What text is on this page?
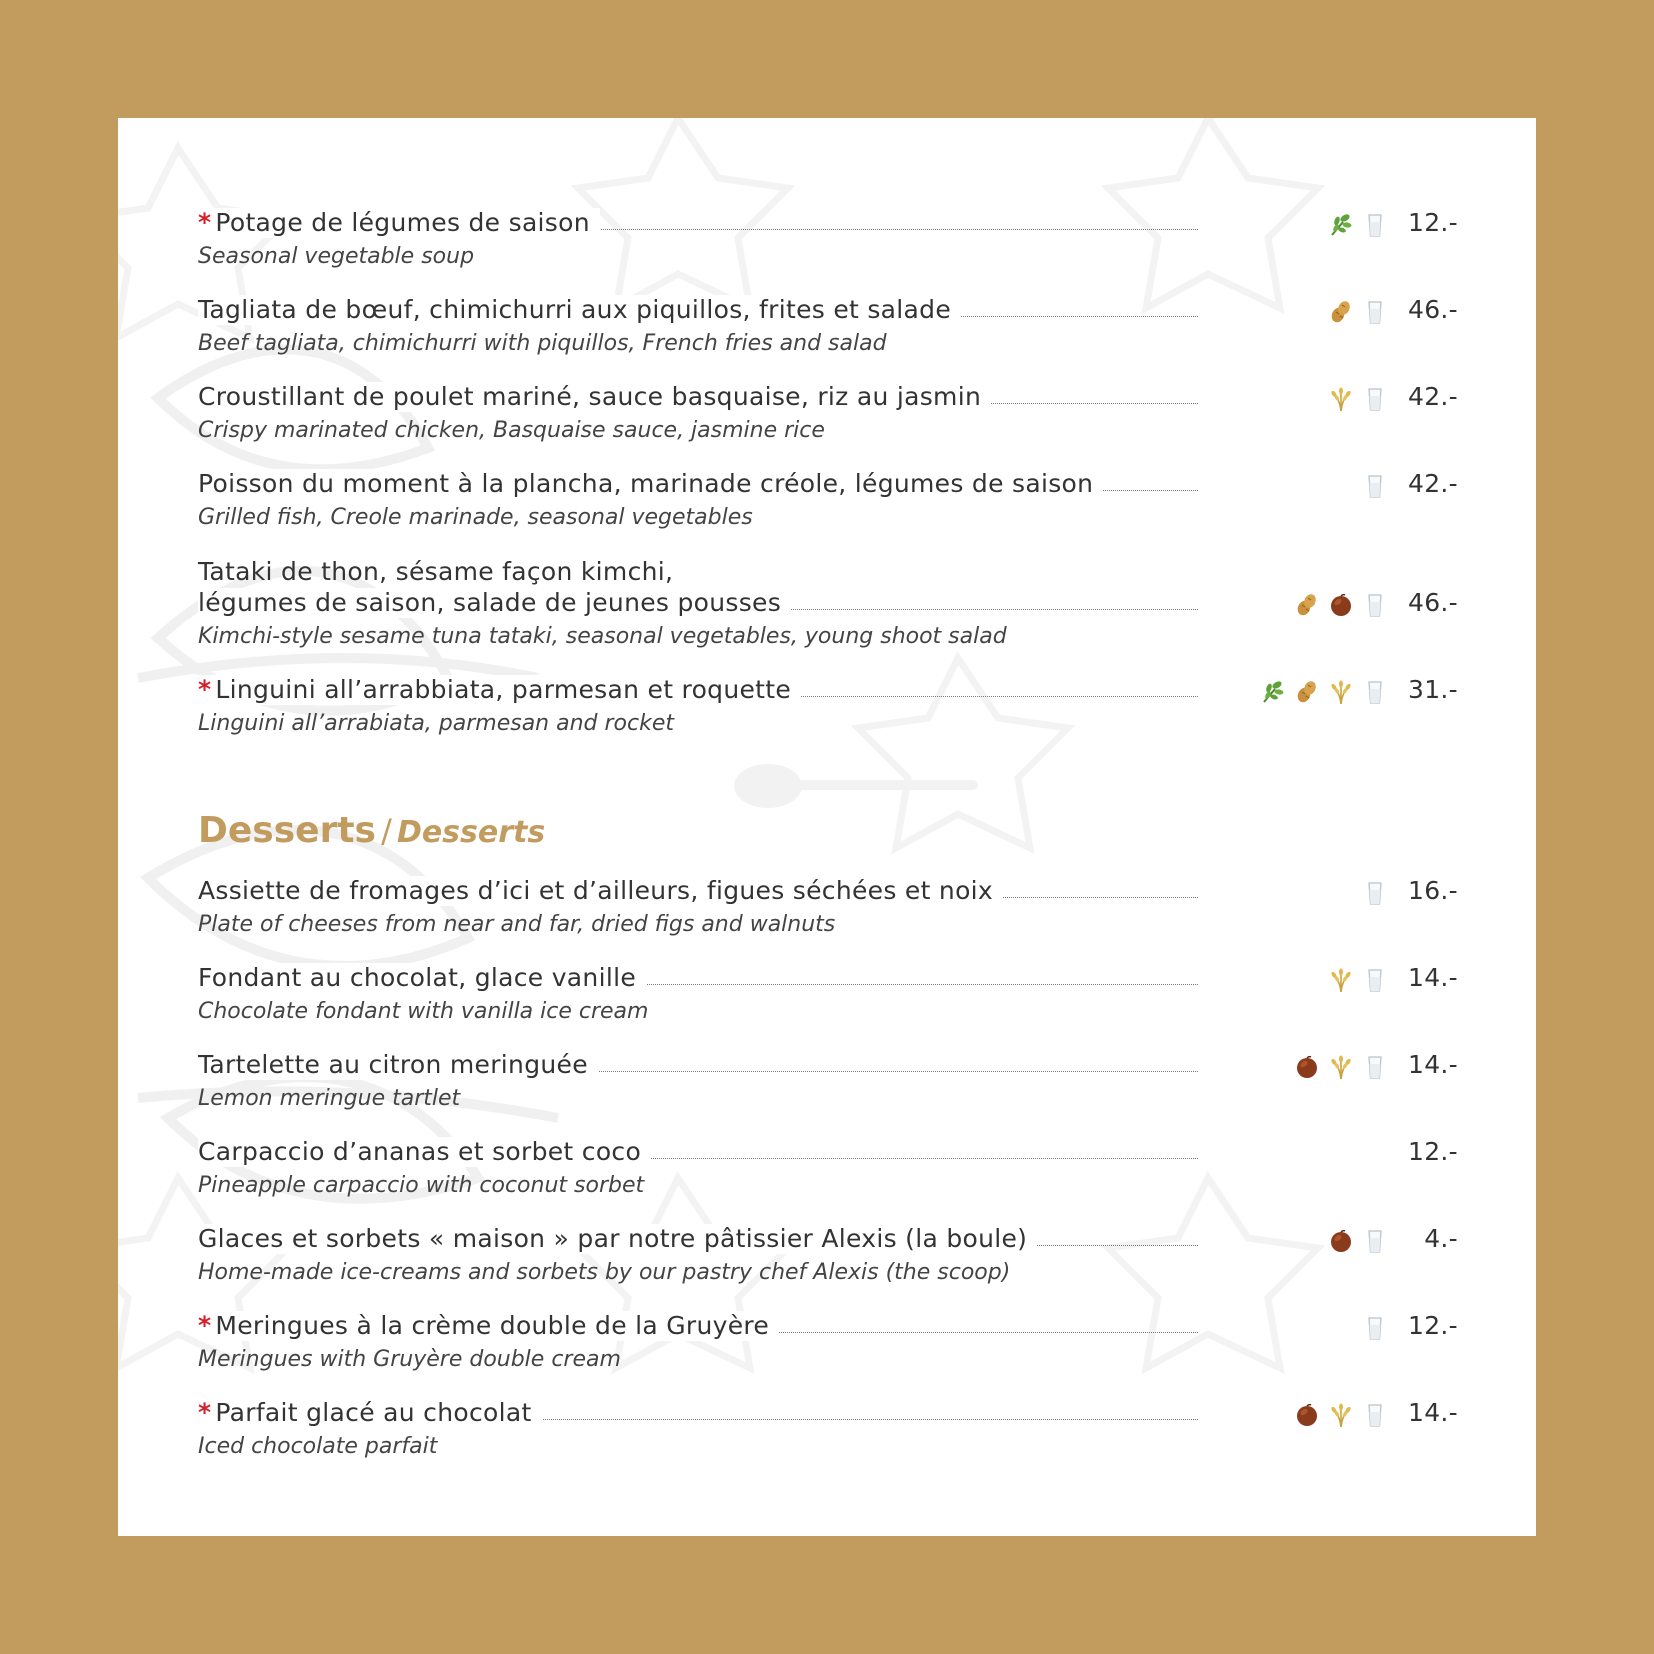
* Potage de légumes de saison	12.-
Seasonal vegetable soup
Tagliata de bœuf, chimichurri aux piquillos, frites et salade	46.-
Beef tagliata, chimichurri with piquillos, French fries and salad
Croustillant de poulet mariné, sauce basquaise, riz au jasmin	42.-
Crispy marinated chicken, Basquaise sauce, jasmine rice
Poisson du moment à la plancha, marinade créole, légumes de saison	42.-
Grilled fish, Creole marinade, seasonal vegetables
Tataki de thon, sésame façon kimchi,
légumes de saison, salade de jeunes pousses	46.-
Kimchi-style sesame tuna tataki, seasonal vegetables, young shoot salad
* Linguini all’arrabbiata, parmesan et roquette	31.-
Linguini all’arrabiata, parmesan and rocket
Desserts / Desserts
Assiette de fromages d’ici et d’ailleurs, figues séchées et noix	16.-
Plate of cheeses from near and far, dried figs and walnuts
Fondant au chocolat, glace vanille	14.-
Chocolate fondant with vanilla ice cream
Tartelette au citron meringuée	14.-
Lemon meringue tartlet
Carpaccio d’ananas et sorbet coco	12.-
Pineapple carpaccio with coconut sorbet
Glaces et sorbets « maison » par notre pâtissier Alexis (la boule)	4.-
Home-made ice-creams and sorbets by our pastry chef Alexis (the scoop)
* Meringues à la crème double de la Gruyère	12.-
Meringues with Gruyère double cream
* Parfait glacé au chocolat	14.-
Iced chocolate parfait
